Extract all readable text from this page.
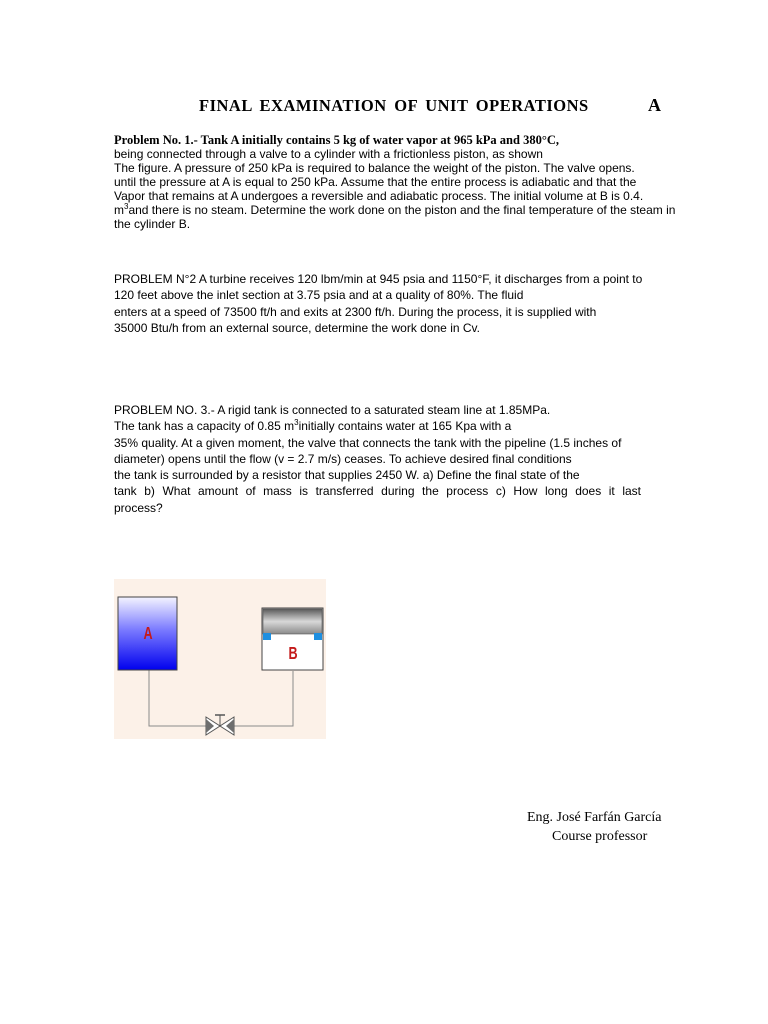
FINAL EXAMINATION OF UNIT OPERATIONS	A
Problem No. 1.- Tank A initially contains 5 kg of water vapor at 965 kPa and 380°C,
being connected through a valve to a cylinder with a frictionless piston, as shown
The figure. A pressure of 250 kPa is required to balance the weight of the piston. The valve opens.
until the pressure at A is equal to 250 kPa. Assume that the entire process is adiabatic and that the
Vapor that remains at A undergoes a reversible and adiabatic process. The initial volume at B is 0.4.
$m^3and$ there is no steam. Determine the work done on the piston and the final temperature of the steam in
the cylinder B.
PROBLEM N°2 A turbine receives 120 lbm/min at 945 psia and 1150°F, it discharges from a point to
120 feet above the inlet section at 3.75 psia and at a quality of 80%. The fluid
enters at a speed of 73500 ft/h and exits at 2300 ft/h. During the process, it is supplied with
35000 Btu/h from an external source, determine the work done in Cv.
PROBLEM NO. 3.- A rigid tank is connected to a saturated steam line at 1.85MPa.
The tank has a capacity of 0.85 $m^3initially$ contains water at 165 Kpa with a
35% quality. At a given moment, the valve that connects the tank with the pipeline (1.5 inches of
diameter) opens until the flow (v = 2.7 m/s) ceases. To achieve desired final conditions
the tank is surrounded by a resistor that supplies 2450 W. a) Define the final state of the
tank b) What amount of mass is transferred during the process c) How long does it last
process?
A
B
Eng. José Farfán García
Course professor
